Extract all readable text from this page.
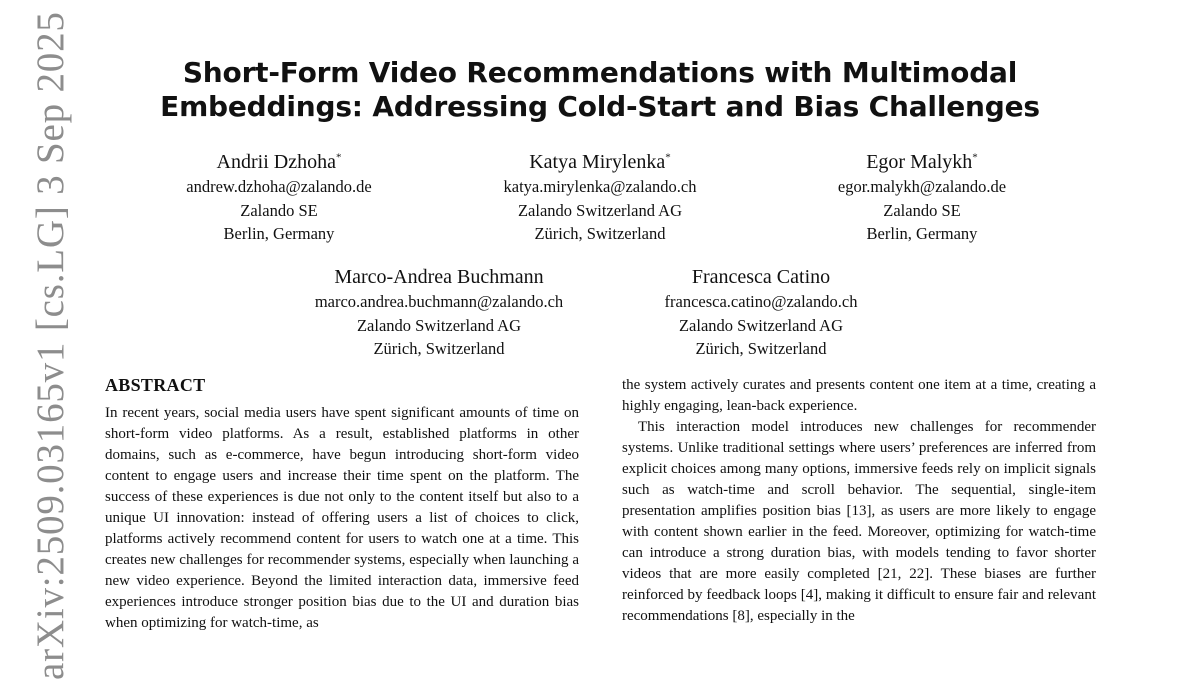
arXiv:2509.03165v1 [cs.LG] 3 Sep 2025	Short-Form Video Recommendations with Multimodal
Embeddings: Addressing Cold-Start and Bias Challenges
Andrii Dzhoha*
andrew.dzhoha@zalando.de
Zalando SE
Berlin, Germany
Katya Mirylenka*
katya.mirylenka@zalando.ch
Zalando Switzerland AG
Zürich, Switzerland
Egor Malykh*
egor.malykh@zalando.de
Zalando SE
Berlin, Germany
Marco-Andrea Buchmann
marco.andrea.buchmann@zalando.ch
Zalando Switzerland AG
Zürich, Switzerland
Francesca Catino
francesca.catino@zalando.ch
Zalando Switzerland AG
Zürich, Switzerland
ABSTRACT

In recent years, social media users have spent significant amounts of time on short-form video platforms. As a result, established platforms in other domains, such as e-commerce, have begun introducing short-form video content to engage users and increase their time spent on the platform. The success of these experiences is due not only to the content itself but also to a unique UI innovation: instead of offering users a list of choices to click, platforms actively recommend content for users to watch one at a time. This creates new challenges for recommender systems, especially when launching a new video experience. Beyond the limited interaction data, immersive feed experiences introduce stronger position bias due to the UI and duration bias when optimizing for watch-time, as

the system actively curates and presents content one item at a time, creating a highly engaging, lean-back experience.

This interaction model introduces new challenges for recommender systems. Unlike traditional settings where users’ preferences are inferred from explicit choices among many options, immersive feeds rely on implicit signals such as watch-time and scroll behavior. The sequential, single-item presentation amplifies position bias [13], as users are more likely to engage with content shown earlier in the feed. Moreover, optimizing for watch-time can introduce a strong duration bias, with models tending to favor shorter videos that are more easily completed [21, 22]. These biases are further reinforced by feedback loops [4], making it difficult to ensure fair and relevant recommendations [8], especially in the
